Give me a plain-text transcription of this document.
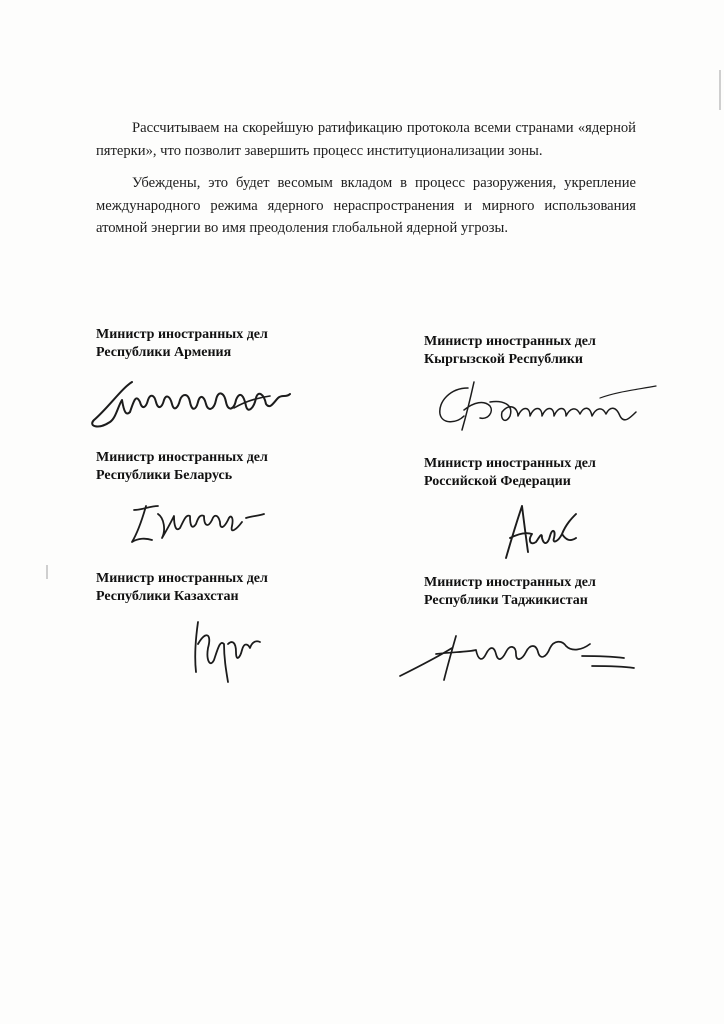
Рассчитываем на скорейшую ратификацию протокола всеми странами «ядерной пятерки», что позволит завершить процесс институционализации зоны.

Убеждены, это будет весомым вкладом в процесс разоружения, укрепление международного режима ядерного нераспространения и мирного использования атомной энергии во имя преодоления глобальной ядерной угрозы.

Министр иностранных дел
Республики Армения
Министр иностранных дел
Республики Беларусь
Министр иностранных дел
Республики Казахстан
Министр иностранных дел
Кыргызской Республики
Министр иностранных дел
Российской Федерации
Министр иностранных дел
Республики Таджикистан
